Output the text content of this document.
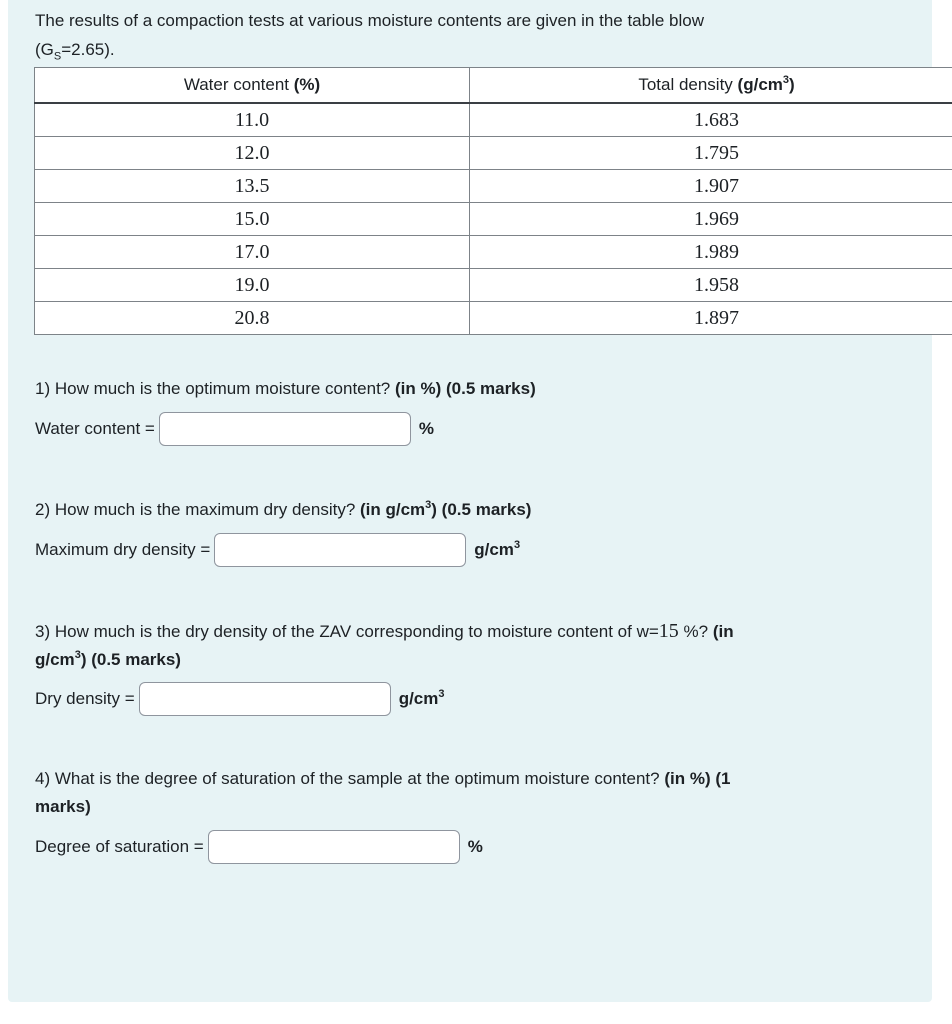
The results of a compaction tests at various moisture contents are given in the table blow
$(G_S=2.65)$.
Water content (%)	Total density $(g/cm^3)$
11.0	1.683
12.0	1.795
13.5	1.907
15.0	1.969
17.0	1.989
19.0	1.958
20.8	1.897
1) How much is the optimum moisture content? (in %) (0.5 marks)
Water content =	%
2) How much is the maximum dry density? (in $g/cm^3$) (0.5 marks)
Maximum dry density =	$g/cm^3$
3) How much is the dry density of the ZAV corresponding to moisture content of w=15 %? (in
$g/cm^3$) (0.5 marks)
Dry density =	$g/cm^3$
4) What is the degree of saturation of the sample at the optimum moisture content? (in %) (1
marks)
Degree of saturation =	%
